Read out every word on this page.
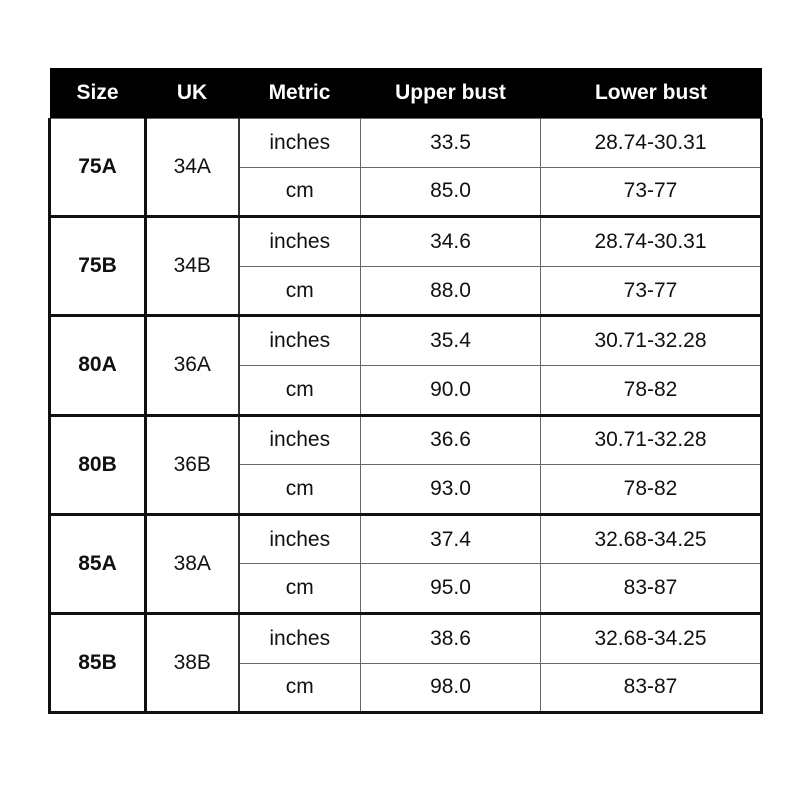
Size	UK	Metric	Upper bust	Lower bust
75A	34A	inches	33.5	28.74-30.31
		cm	85.0	73-77
75B	34B	inches	34.6	28.74-30.31
		cm	88.0	73-77
80A	36A	inches	35.4	30.71-32.28
		cm	90.0	78-82
80B	36B	inches	36.6	30.71-32.28
		cm	93.0	78-82
85A	38A	inches	37.4	32.68-34.25
		cm	95.0	83-87
85B	38B	inches	38.6	32.68-34.25
		cm	98.0	83-87
